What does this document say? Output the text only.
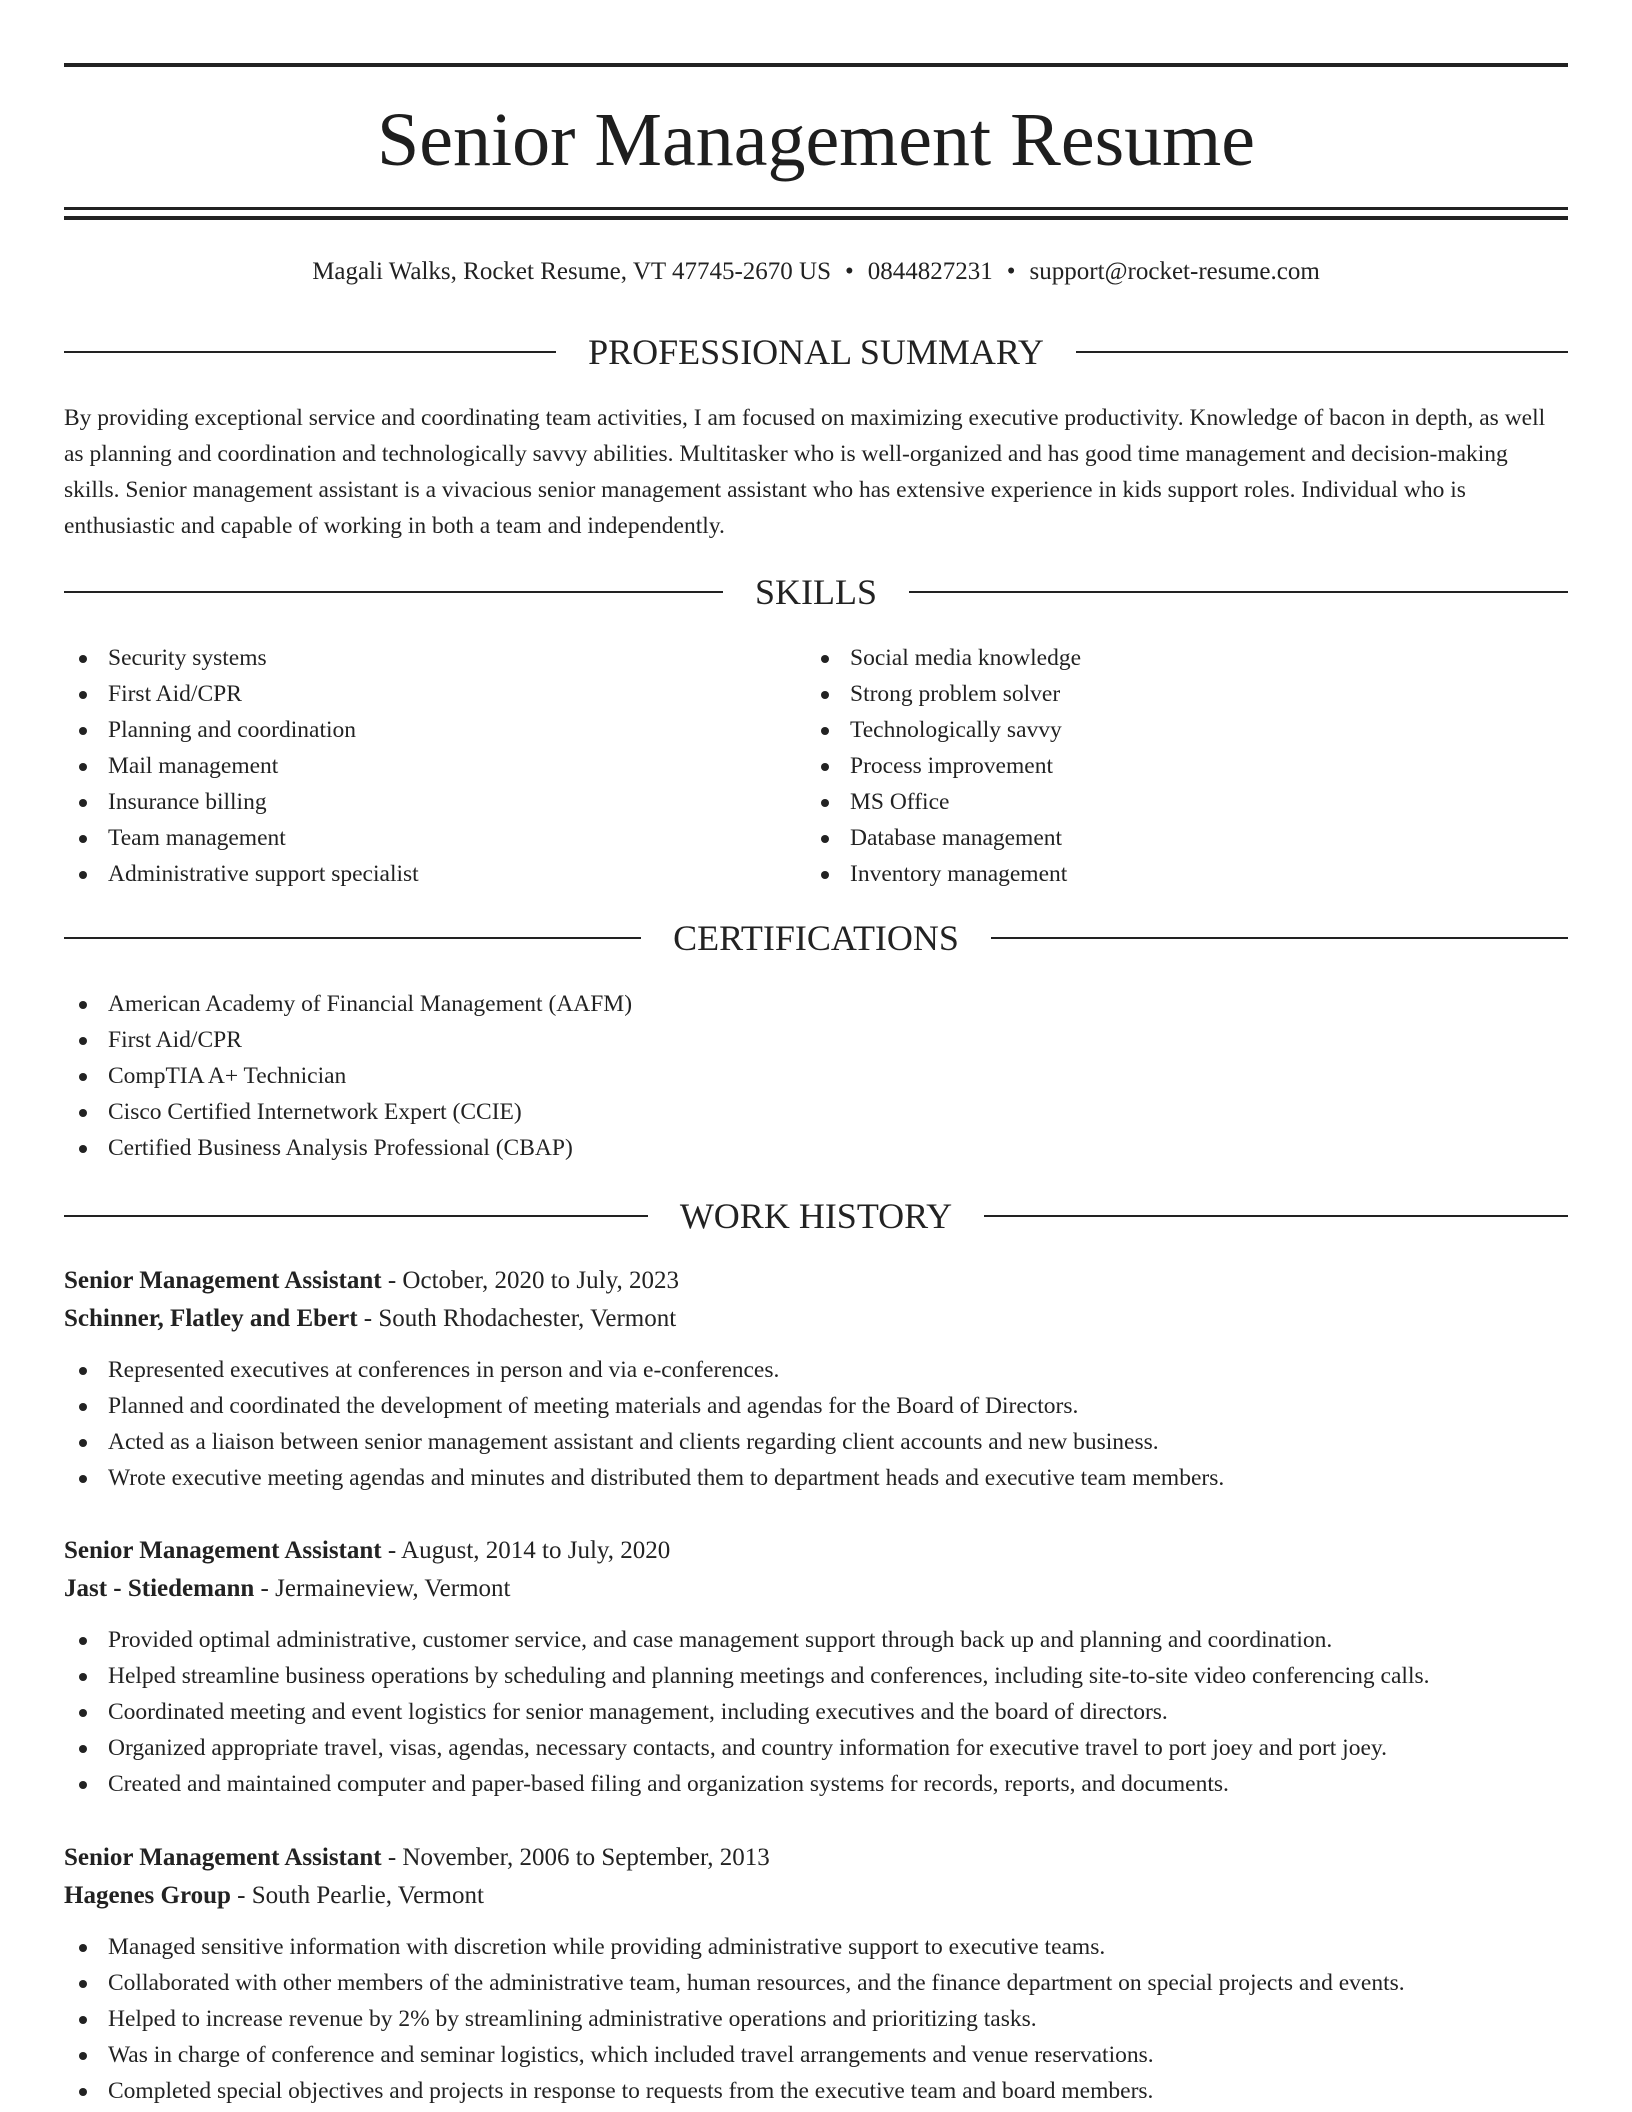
Senior Management Resume
Magali Walks, Rocket Resume, VT 47745-2670 US • 0844827231 • support@rocket-resume.com
PROFESSIONAL SUMMARY

By providing exceptional service and coordinating team activities, I am focused on maximizing executive productivity. Knowledge of bacon in depth, as well as planning and coordination and technologically savvy abilities. Multitasker who is well-organized and has good time management and decision-making skills. Senior management assistant is a vivacious senior management assistant who has extensive experience in kids support roles. Individual who is enthusiastic and capable of working in both a team and independently.

SKILLS
Security systems
First Aid/CPR
Planning and coordination
Mail management
Insurance billing
Team management
Administrative support specialist
Social media knowledge
Strong problem solver
Technologically savvy
Process improvement
MS Office
Database management
Inventory management
CERTIFICATIONS
American Academy of Financial Management (AAFM)
First Aid/CPR
CompTIA A+ Technician
Cisco Certified Internetwork Expert (CCIE)
Certified Business Analysis Professional (CBAP)
WORK HISTORY
Senior Management Assistant - October, 2020 to July, 2023
Schinner, Flatley and Ebert - South Rhodachester, Vermont
Represented executives at conferences in person and via e-conferences.
Planned and coordinated the development of meeting materials and agendas for the Board of Directors.
Acted as a liaison between senior management assistant and clients regarding client accounts and new business.
Wrote executive meeting agendas and minutes and distributed them to department heads and executive team members.
Senior Management Assistant - August, 2014 to July, 2020
Jast - Stiedemann - Jermaineview, Vermont
Provided optimal administrative, customer service, and case management support through back up and planning and coordination.
Helped streamline business operations by scheduling and planning meetings and conferences, including site-to-site video conferencing calls.
Coordinated meeting and event logistics for senior management, including executives and the board of directors.
Organized appropriate travel, visas, agendas, necessary contacts, and country information for executive travel to port joey and port joey.
Created and maintained computer and paper-based filing and organization systems for records, reports, and documents.
Senior Management Assistant - November, 2006 to September, 2013
Hagenes Group - South Pearlie, Vermont
Managed sensitive information with discretion while providing administrative support to executive teams.
Collaborated with other members of the administrative team, human resources, and the finance department on special projects and events.
Helped to increase revenue by 2% by streamlining administrative operations and prioritizing tasks.
Was in charge of conference and seminar logistics, which included travel arrangements and venue reservations.
Completed special objectives and projects in response to requests from the executive team and board members.
